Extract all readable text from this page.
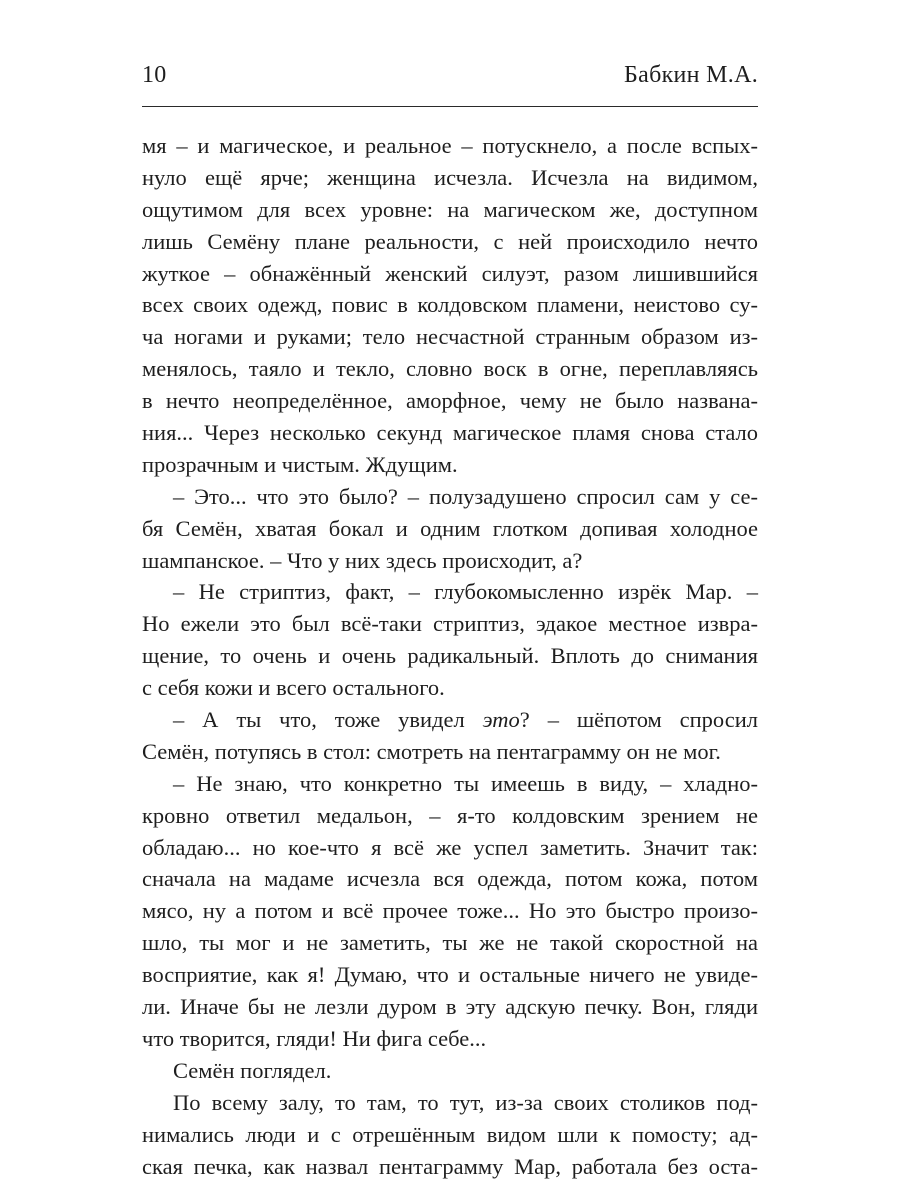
10	Бабкин М.А.
мя – и магическое, и реальное – потускнело, а после вспых-
нуло ещё ярче; женщина исчезла. Исчезла на видимом,
ощутимом для всех уровне: на магическом же, доступном
лишь Семёну плане реальности, с ней происходило нечто
жуткое – обнажённый женский силуэт, разом лишившийся
всех своих одежд, повис в колдовском пламени, неистово су-
ча ногами и руками; тело несчастной странным образом из-
менялось, таяло и текло, словно воск в огне, переплавляясь
в нечто неопределённое, аморфное, чему не было названа-
ния... Через несколько секунд магическое пламя снова стало
прозрачным и чистым. Ждущим.
– Это... что это было? – полузадушено спросил сам у се-
бя Семён, хватая бокал и одним глотком допивая холодное
шампанское. – Что у них здесь происходит, а?
– Не стриптиз, факт, – глубокомысленно изрёк Мар. –
Но ежели это был всё-таки стриптиз, эдакое местное извра-
щение, то очень и очень радикальный. Вплоть до снимания
с себя кожи и всего остального.
– А ты что, тоже увидел это? – шёпотом спросил
Семён, потупясь в стол: смотреть на пентаграмму он не мог.
– Не знаю, что конкретно ты имеешь в виду, – хладно-
кровно ответил медальон, – я-то колдовским зрением не
обладаю... но кое-что я всё же успел заметить. Значит так:
сначала на мадаме исчезла вся одежда, потом кожа, потом
мясо, ну а потом и всё прочее тоже... Но это быстро произо-
шло, ты мог и не заметить, ты же не такой скоростной на
восприятие, как я! Думаю, что и остальные ничего не увиде-
ли. Иначе бы не лезли дуром в эту адскую печку. Вон, гляди
что творится, гляди! Ни фига себе...
Семён поглядел.
По всему залу, то там, то тут, из-за своих столиков под-
нимались люди и с отрешённым видом шли к помосту; ад-
ская печка, как назвал пентаграмму Мар, работала без оста-
